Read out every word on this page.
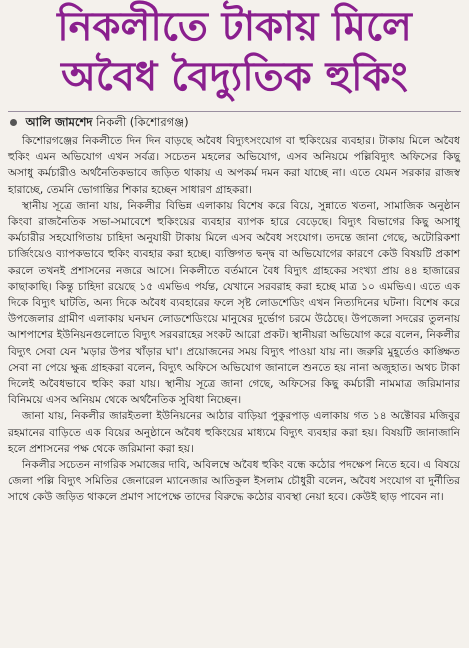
নিকলীতে টাকায় মিলে
অবৈধ বৈদ্যুতিক হুকিং
আলি জামশেদ নিকলী (কিশোরগঞ্জ)

কিশোরগঞ্জের নিকলীতে দিন দিন বাড়ছে অবৈধ বিদ্যুৎসংযোগ বা হুকিংয়ের ব্যবহার। টাকায় মিলে অবৈধ হুকিং এমন অভিযোগ এখন সর্বত্র। সচেতন মহলের অভিযোগ, এসব অনিয়মে পল্লিবিদ্যুৎ অফিসের কিছু অসাধু কর্মচারীও অর্থনৈতিকভাবে জড়িত থাকায় এ অপকর্ম দমন করা যাচ্ছে না। এতে যেমন সরকার রাজস্ব হারাচ্ছে, তেমনি ভোগান্তির শিকার হচ্ছেন সাধারণ গ্রাহকরা।

স্থানীয় সূত্রে জানা যায়, নিকলীর বিভিন্ন এলাকায় বিশেষ করে বিয়ে, সুন্নাতে খতনা, সামাজিক অনুষ্ঠান কিংবা রাজনৈতিক সভা-সমাবেশে হুকিংয়ের ব্যবহার ব্যাপক হারে বেড়েছে। বিদ্যুৎ বিভাগের কিছু অসাধু কর্মচারীর সহযোগিতায় চাহিদা অনুযায়ী টাকায় মিলে এসব অবৈধ সংযোগ। তদন্তে জানা গেছে, অটোরিকশা চার্জিংয়েও ব্যাপকভাবে হুকিং ব্যবহার করা হচ্ছে। ব্যক্তিগত দ্বন্দ্ব বা অভিযোগের কারণে কেউ বিষয়টি প্রকাশ করলে তখনই প্রশাসনের নজরে আসে। নিকলীতে বর্তমানে বৈধ বিদ্যুৎ গ্রাহকের সংখ্যা প্রায় ৪৪ হাজারের কাছাকাছি। কিন্তু চাহিদা রয়েছে ১৫ এমভিএ পর্যন্ত, যেখানে সরবরাহ করা হচ্ছে মাত্র ১০ এমভিএ। এতে এক দিকে বিদ্যুৎ ঘাটতি, অন্য দিকে অবৈধ ব্যবহারের ফলে সৃষ্ট লোডশেডিং এখন নিত্যদিনের ঘটনা। বিশেষ করে উপজেলার গ্রামীণ এলাকায় ঘনঘন লোডশেডিংয়ে মানুষের দুর্ভোগ চরমে উঠেছে। উপজেলা সদরের তুলনায় আশপাশের ইউনিয়নগুলোতে বিদ্যুৎ সরবরাহের সংকট আরো প্রকট। স্থানীয়রা অভিযোগ করে বলেন, নিকলীর বিদ্যুৎ সেবা যেন 'মড়ার উপর খাঁড়ার ঘা'। প্রয়োজনের সময় বিদ্যুৎ পাওয়া যায় না। জরুরি মুহূর্তেও কাঙ্ক্ষিত সেবা না পেয়ে ক্ষুব্ধ গ্রাহকরা বলেন, বিদ্যুৎ অফিসে অভিযোগ জানালে শুনতে হয় নানা অজুহাত। অথচ টাকা দিলেই অবৈধভাবে হুকিং করা যায়। স্থানীয় সূত্রে জানা গেছে, অফিসের কিছু কর্মচারী নামমাত্র জরিমানার বিনিময়ে এসব অনিয়ম থেকে অর্থনৈতিক সুবিধা নিচ্ছেন।

জানা যায়, নিকলীর জারইতলা ইউনিয়নের আঠার বাড়িয়া পুকুরপাড় এলাকায় গত ১৪ অক্টোবর মজিবুর রহমানের বাড়িতে এক বিয়ের অনুষ্ঠানে অবৈধ হুকিংয়ের মাধ্যমে বিদ্যুৎ ব্যবহার করা হয়। বিষয়টি জানাজানি হলে প্রশাসনের পক্ষ থেকে জরিমানা করা হয়।

নিকলীর সচেতন নাগরিক সমাজের দাবি, অবিলম্বে অবৈধ হুকিং বন্ধে কঠোর পদক্ষেপ নিতে হবে। এ বিষয়ে জেলা পল্লি বিদ্যুৎ সমিতির জেনারেল ম্যানেজার আতিকুল ইসলাম চৌধুরী বলেন, অবৈধ সংযোগ বা দুর্নীতির সাথে কেউ জড়িত থাকলে প্রমাণ সাপেক্ষে তাদের বিরুদ্ধে কঠোর ব্যবস্থা নেয়া হবে। কেউই ছাড় পাবেন না।
